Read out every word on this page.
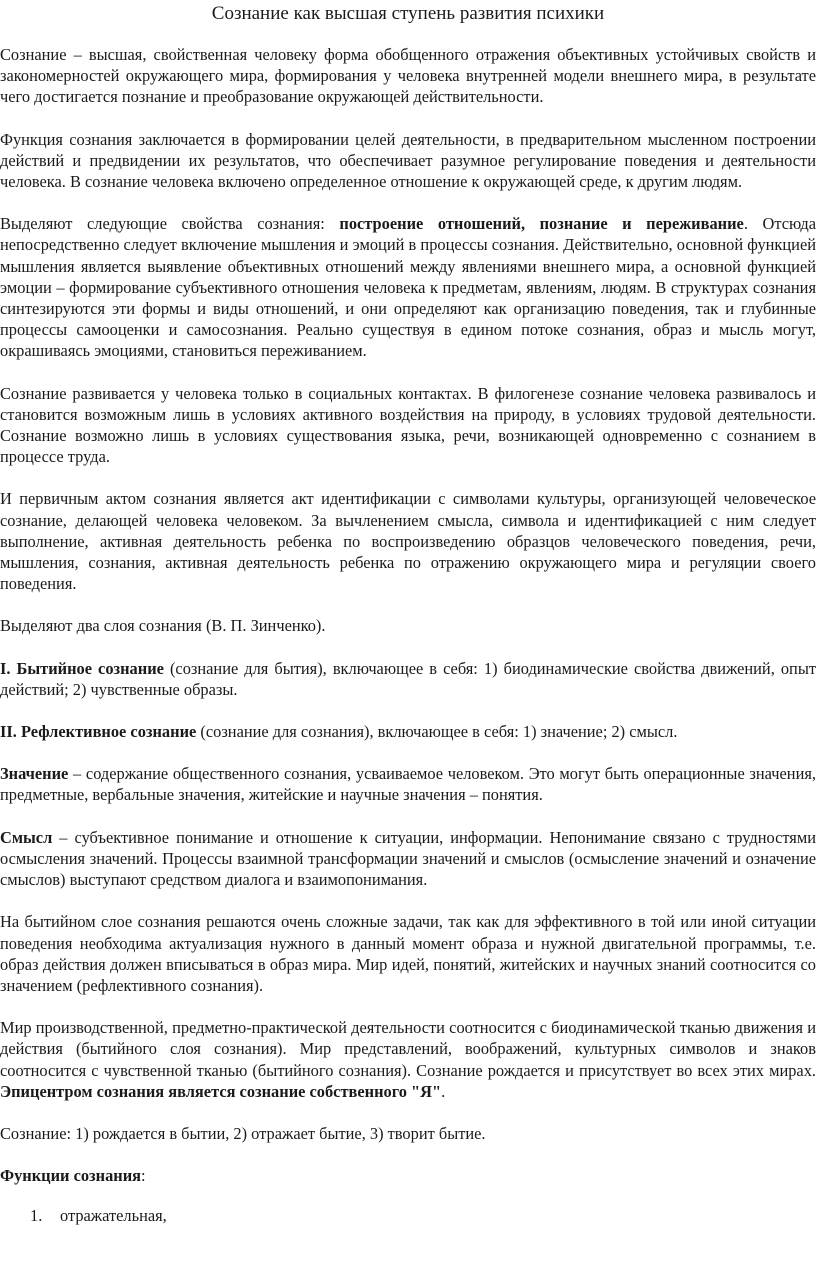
Сознание как высшая ступень развития психики

Сознание – высшая, свойственная человеку форма обобщенного отражения объективных устойчивых свойств и закономерностей окружающего мира, формирования у человека внутренней модели внешнего мира, в результате чего достигается познание и преобразование окружающей действительности.

Функция сознания заключается в формировании целей деятельности, в предварительном мысленном построении действий и предвидении их результатов, что обеспечивает разумное регулирование поведения и деятельности человека. В сознание человека включено определенное отношение к окружающей среде, к другим людям.

Выделяют следующие свойства сознания: построение отношений, познание и переживание. Отсюда непосредственно следует включение мышления и эмоций в процессы сознания. Действительно, основной функцией мышления является выявление объективных отношений между явлениями внешнего мира, а основной функцией эмоции – формирование субъективного отношения человека к предметам, явлениям, людям. В структурах сознания синтезируются эти формы и виды отношений, и они определяют как организацию поведения, так и глубинные процессы самооценки и самосознания. Реально существуя в едином потоке сознания, образ и мысль могут, окрашиваясь эмоциями, становиться переживанием.

Сознание развивается у человека только в социальных контактах. В филогенезе сознание человека развивалось и становится возможным лишь в условиях активного воздействия на природу, в условиях трудовой деятельности. Сознание возможно лишь в условиях существования языка, речи, возникающей одновременно с сознанием в процессе труда.

И первичным актом сознания является акт идентификации с символами культуры, организующей человеческое сознание, делающей человека человеком. За вычленением смысла, символа и идентификацией с ним следует выполнение, активная деятельность ребенка по воспроизведению образцов человеческого поведения, речи, мышления, сознания, активная деятельность ребенка по отражению окружающего мира и регуляции своего поведения.

Выделяют два слоя сознания (В. П. Зинченко).

I. Бытийное сознание (сознание для бытия), включающее в себя: 1) биодинамические свойства движений, опыт действий; 2) чувственные образы.

II. Рефлективное сознание (сознание для сознания), включающее в себя: 1) значение; 2) смысл.

Значение – содержание общественного сознания, усваиваемое человеком. Это могут быть операционные значения, предметные, вербальные значения, житейские и научные значения – понятия.

Смысл – субъективное понимание и отношение к ситуации, информации. Непонимание связано с трудностями осмысления значений. Процессы взаимной трансформации значений и смыслов (осмысление значений и означение смыслов) выступают средством диалога и взаимопонимания.

На бытийном слое сознания решаются очень сложные задачи, так как для эффективного в той или иной ситуации поведения необходима актуализация нужного в данный момент образа и нужной двигательной программы, т.е. образ действия должен вписываться в образ мира. Мир идей, понятий, житейских и научных знаний соотносится со значением (рефлективного сознания).

Мир производственной, предметно-практической деятельности соотносится с биодинамической тканью движения и действия (бытийного слоя сознания). Мир представлений, воображений, культурных символов и знаков соотносится с чувственной тканью (бытийного сознания). Сознание рождается и присутствует во всех этих мирах. Эпицентром сознания является сознание собственного "Я".

Сознание: 1) рождается в бытии, 2) отражает бытие, 3) творит бытие.

Функции сознания:

1. отражательная,
